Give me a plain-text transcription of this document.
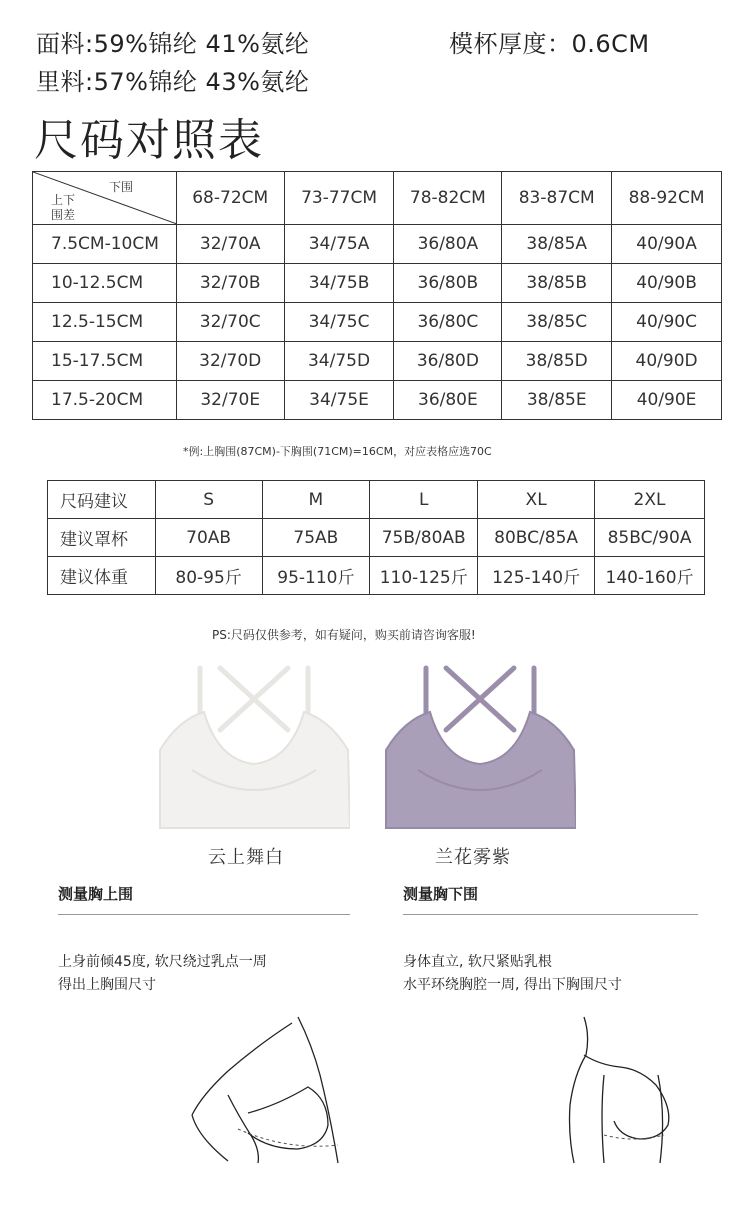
面料:59%锦纶 41%氨纶
里料:57%锦纶 43%氨纶
模杯厚度：0.6CM
尺码对照表
下围
上下
围差	68-72CM	73-77CM	78-82CM	83-87CM	88-92CM
7.5CM-10CM	32/70A	34/75A	36/80A	38/85A	40/90A
10-12.5CM	32/70B	34/75B	36/80B	38/85B	40/90B
12.5-15CM	32/70C	34/75C	36/80C	38/85C	40/90C
15-17.5CM	32/70D	34/75D	36/80D	38/85D	40/90D
17.5-20CM	32/70E	34/75E	36/80E	38/85E	40/90E
*例:上胸围(87CM)-下胸围(71CM)=16CM，对应表格应选70C
尺码建议	S	M	L	XL	2XL
建议罩杯	70AB	75AB	75B/80AB	80BC/85A	85BC/90A
建议体重	80-95斤	95-110斤	110-125斤	125-140斤	140-160斤
PS:尺码仅供参考，如有疑问，购买前请咨询客服!
云上舞白	兰花雾紫
测量胸上围
上身前倾45度, 软尺绕过乳点一周
得出上胸围尺寸
测量胸下围
身体直立, 软尺紧贴乳根
水平环绕胸腔一周, 得出下胸围尺寸
